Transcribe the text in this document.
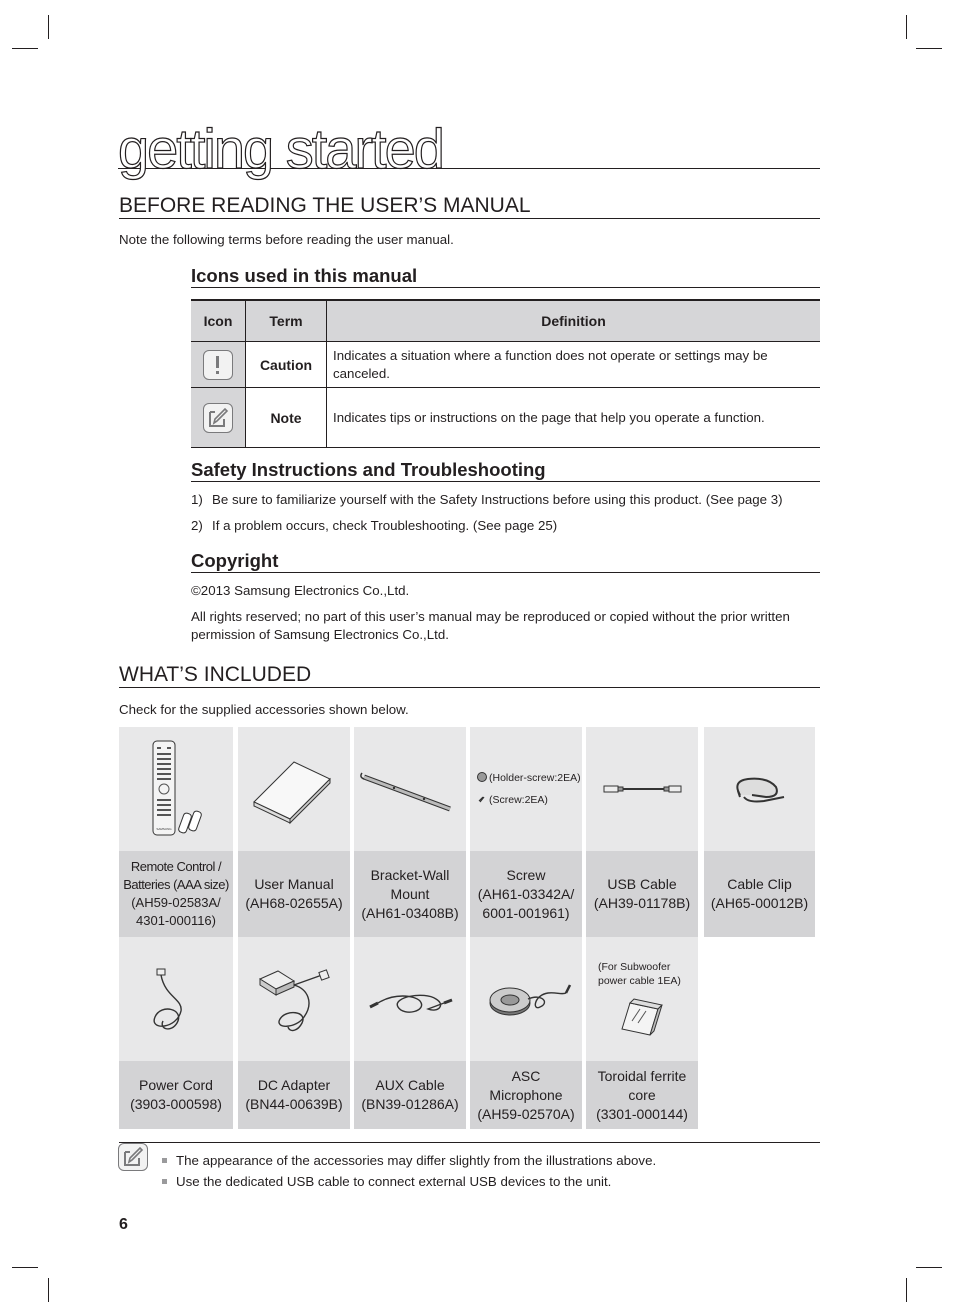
getting started
BEFORE READING THE USER’S MANUAL
Note the following terms before reading the user manual.
Icons used in this manual
Icon	Term	Definition
	Caution	Indicates a situation where a function does not operate or settings may be canceled.

	Note	Indicates tips or instructions on the page that help you operate a function.
Safety Instructions and Troubleshooting
1) Be sure to familiarize yourself with the Safety Instructions before using this product. (See page 3)
2) If a problem occurs, check Troubleshooting. (See page 25)
Copyright
©2013 Samsung Electronics Co.,Ltd.
All rights reserved; no part of this user’s manual may be reproduced or copied without the prior written permission of Samsung Electronics Co.,Ltd.
WHAT’S INCLUDED
Check for the supplied accessories shown below.
SAMSUNG
Remote Control / Batteries (AAA size)
(AH59-02583A/ 4301-000116)
User Manual
(AH68-02655A)
Bracket-Wall Mount
(AH61-03408B)
(Holder-screw:2EA)
(Screw:2EA)
Screw
(AH61-03342A/ 6001-001961)
USB Cable
(AH39-01178B)
Cable Clip
(AH65-00012B)
Power Cord
(3903-000598)
DC Adapter
(BN44-00639B)
AUX Cable
(BN39-01286A)
ASC Microphone
(AH59-02570A)
(For Subwoofer power cable 1EA)
Toroidal ferrite core
(3301-000144)
The appearance of the accessories may differ slightly from the illustrations above.
Use the dedicated USB cable to connect external USB devices to the unit.
6
